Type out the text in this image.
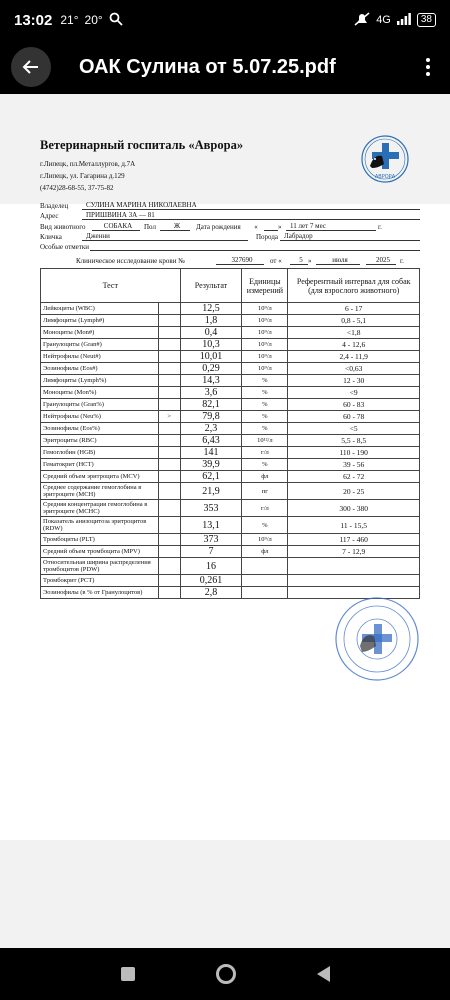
13:02 21° 20°	4G	38
ОАК Сулина от 5.07.25.pdf
Ветеринарный госпиталь «Аврора»
г.Липецк, пл.Металлургов, д.7А
г.Липецк, ул. Гагарина д.129
(4742)28-68-55, 37-75-82
АВРОРА
Владелец	СУЛИНА МАРИНА НИКОЛАЕВНА
Адрес	ПРИШВИНА 3А — 81
Вид животного	СОБАКА	Пол	Ж	Дата рождения	«	»	11 лет 7 мес	г.
Кличка	Дженни	Порода Лабрадор
Особые отметки
Клиническое исследование крови №	327690	от «	5 »	июля	2025	г.
Тест		Результат	Единицы измерений	Референтный интервал для собак (для взрослого животного)
Лейкоциты (WBC)		12,5	10⁹/л	6 - 17
Лимфоциты (Lymph#)		1,8	10⁹/л	0,8 - 5,1
Моноциты (Mon#)		0,4	10⁹/л	<1,8
Гранулоциты (Gran#)		10,3	10⁹/л	4 - 12,6
Нейтрофилы (Neut#)		10,01	10⁹/л	2,4 - 11,9
Эозинофилы (Eos#)		0,29	10⁹/л	<0,63
Лимфоциты (Lymph%)		14,3	%	12 - 30
Моноциты (Mon%)		3,6	%	<9
Гранулоциты (Gran%)		82,1	%	60 - 83
Нейтрофилы (Neu%)	>	79,8	%	60 - 78
Эозинофилы (Eos%)		2,3	%	<5
Эритроциты (RBC)		6,43	10¹²/л	5,5 - 8,5
Гемоглобин (HGB)		141	г/л	110 - 190
Гематокрит (HCT)		39,9	%	39 - 56
Средний объем эритроцита (MCV)		62,1	фл	62 - 72
Среднее содержание гемоглобина в эритроците (MCH)		21,9	пг	20 - 25
Средняя концентрация гемоглобина в эритроците (MCHC)		353	г/л	300 - 380
Показатель анизоцитоза эритроцитов (RDW)		13,1	%	11 - 15,5
Тромбоциты (PLT)		373	10⁹/л	117 - 460
Средний объем тромбоцита (MPV)		7	фл	7 - 12,9
Относительная ширина распределения тромбоцитов (PDW)		16		
Тромбокрит (PCT)		0,261		
Эозинофилы (в % от Гранулоцитов)		2,8		
